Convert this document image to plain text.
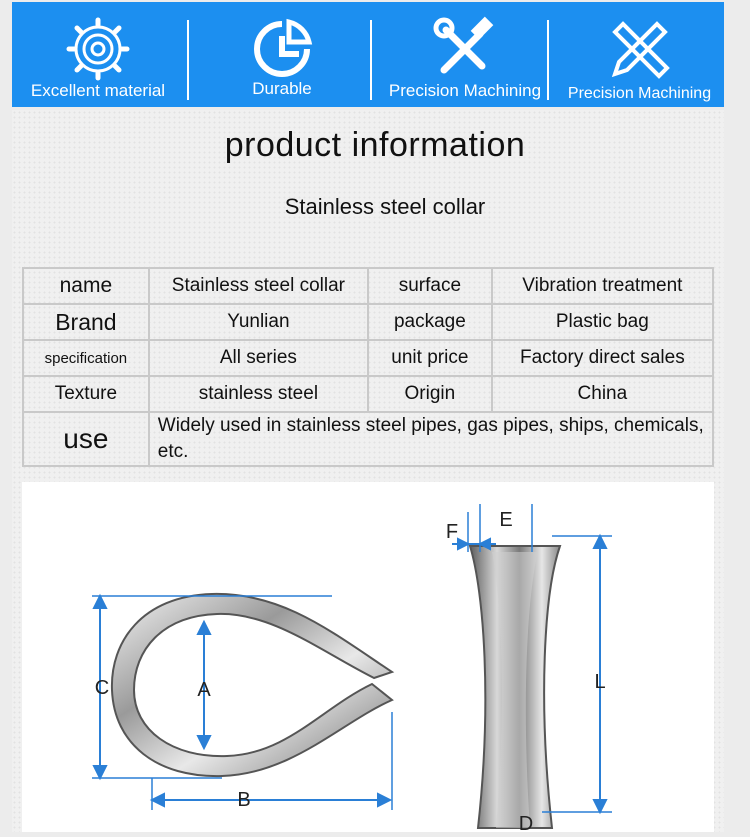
Excellent material	Durable	Precision Machining	Precision Machining
product information
Stainless steel collar
name	Stainless steel collar	surface	Vibration treatment
Brand	Yunlian	package	Plastic bag
specification	All series	unit price	Factory direct sales
Texture	stainless steel	Origin	China
use	Widely used in stainless steel pipes, gas pipes, ships, chemicals, etc.		
A
B
C
E
F
L
D
